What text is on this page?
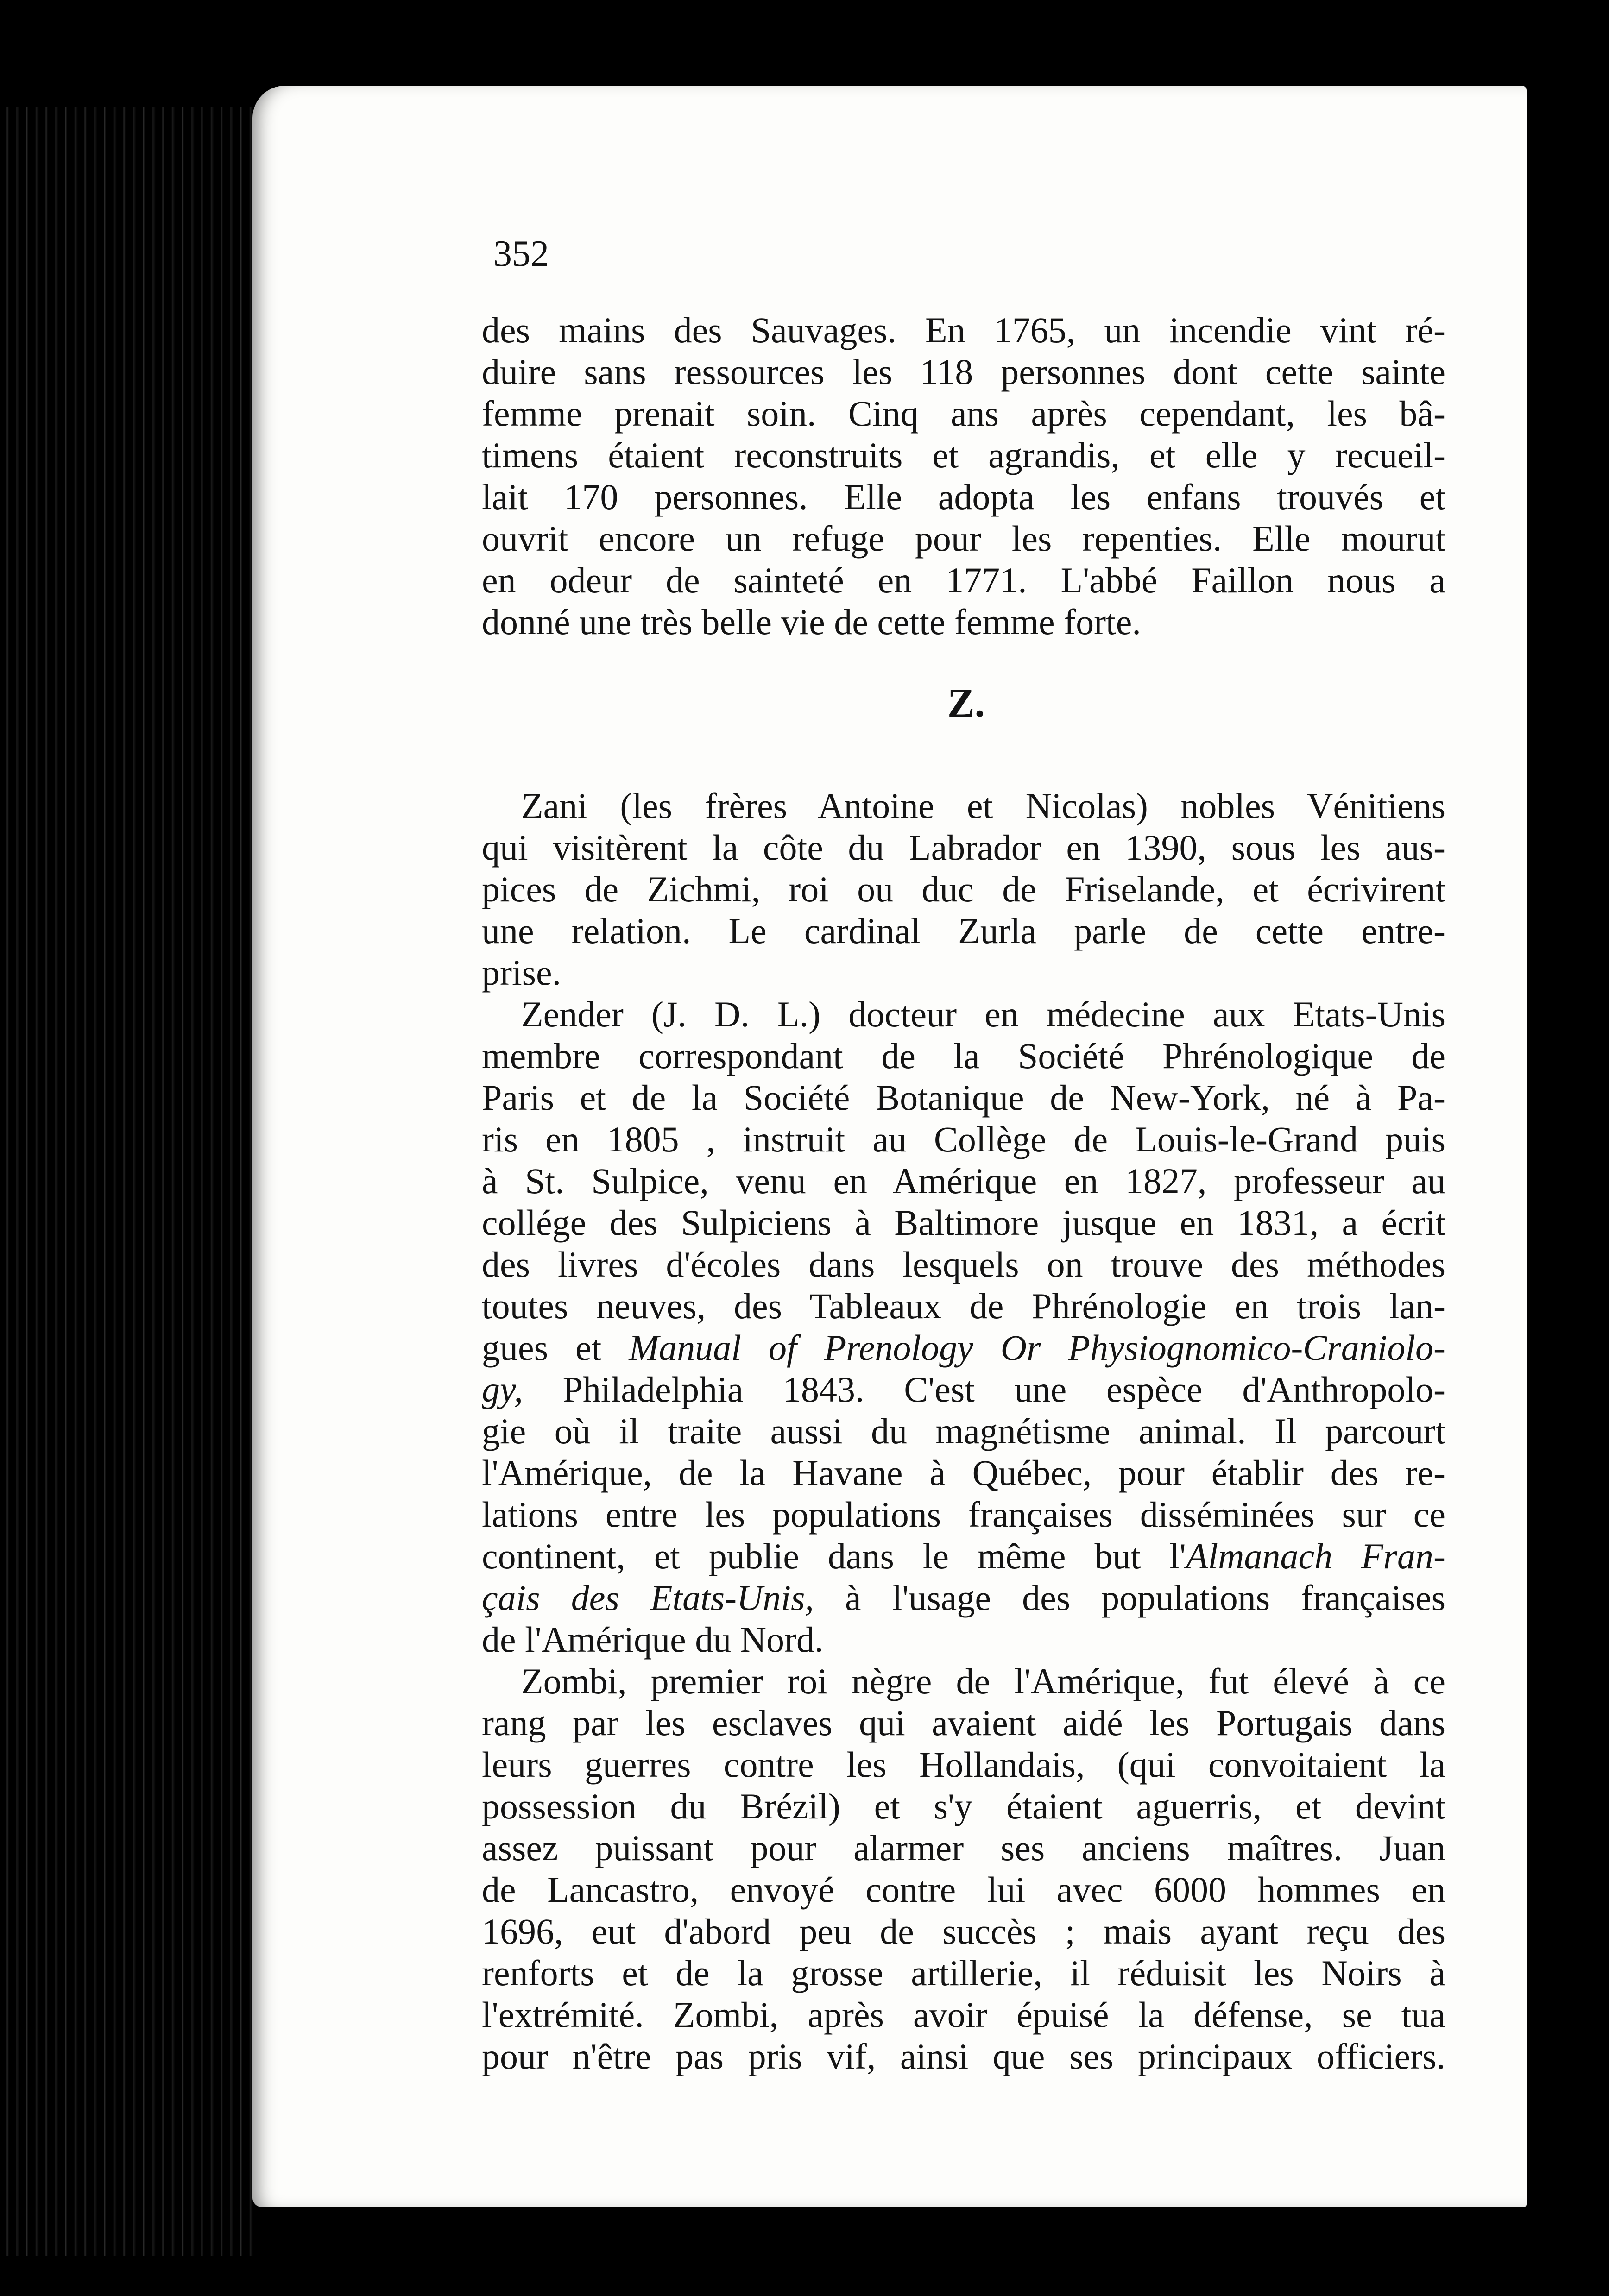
352
des mains des Sauvages. En 1765, un incendie vint ré-
duire sans ressources les 118 personnes dont cette sainte
femme prenait soin. Cinq ans après cependant, les bâ-
timens étaient reconstruits et agrandis, et elle y recueil-
lait 170 personnes. Elle adopta les enfans trouvés et
ouvrit encore un refuge pour les repenties. Elle mourut
en odeur de sainteté en 1771. L'abbé Faillon nous a
donné une très belle vie de cette femme forte.
Z.
Zani (les frères Antoine et Nicolas) nobles Vénitiens
qui visitèrent la côte du Labrador en 1390, sous les aus-
pices de Zichmi, roi ou duc de Friselande, et écrivirent
une relation. Le cardinal Zurla parle de cette entre-
prise.
Zender (J. D. L.) docteur en médecine aux Etats-Unis
membre correspondant de la Société Phrénologique de
Paris et de la Société Botanique de New-York, né à Pa-
ris en 1805 , instruit au Collège de Louis-le-Grand puis
à St. Sulpice, venu en Amérique en 1827, professeur au
collége des Sulpiciens à Baltimore jusque en 1831, a écrit
des livres d'écoles dans lesquels on trouve des méthodes
toutes neuves, des Tableaux de Phrénologie en trois lan-
gues et Manual of Prenology Or Physiognomico-Craniolo-
gy, Philadelphia 1843. C'est une espèce d'Anthropolo-
gie où il traite aussi du magnétisme animal. Il parcourt
l'Amérique, de la Havane à Québec, pour établir des re-
lations entre les populations françaises disséminées sur ce
continent, et publie dans le même but l'Almanach Fran-
çais des Etats-Unis, à l'usage des populations françaises
de l'Amérique du Nord.
Zombi, premier roi nègre de l'Amérique, fut élevé à ce
rang par les esclaves qui avaient aidé les Portugais dans
leurs guerres contre les Hollandais, (qui convoitaient la
possession du Brézil) et s'y étaient aguerris, et devint
assez puissant pour alarmer ses anciens maîtres. Juan
de Lancastro, envoyé contre lui avec 6000 hommes en
1696, eut d'abord peu de succès ; mais ayant reçu des
renforts et de la grosse artillerie, il réduisit les Noirs à
l'extrémité. Zombi, après avoir épuisé la défense, se tua
pour n'être pas pris vif, ainsi que ses principaux officiers.
